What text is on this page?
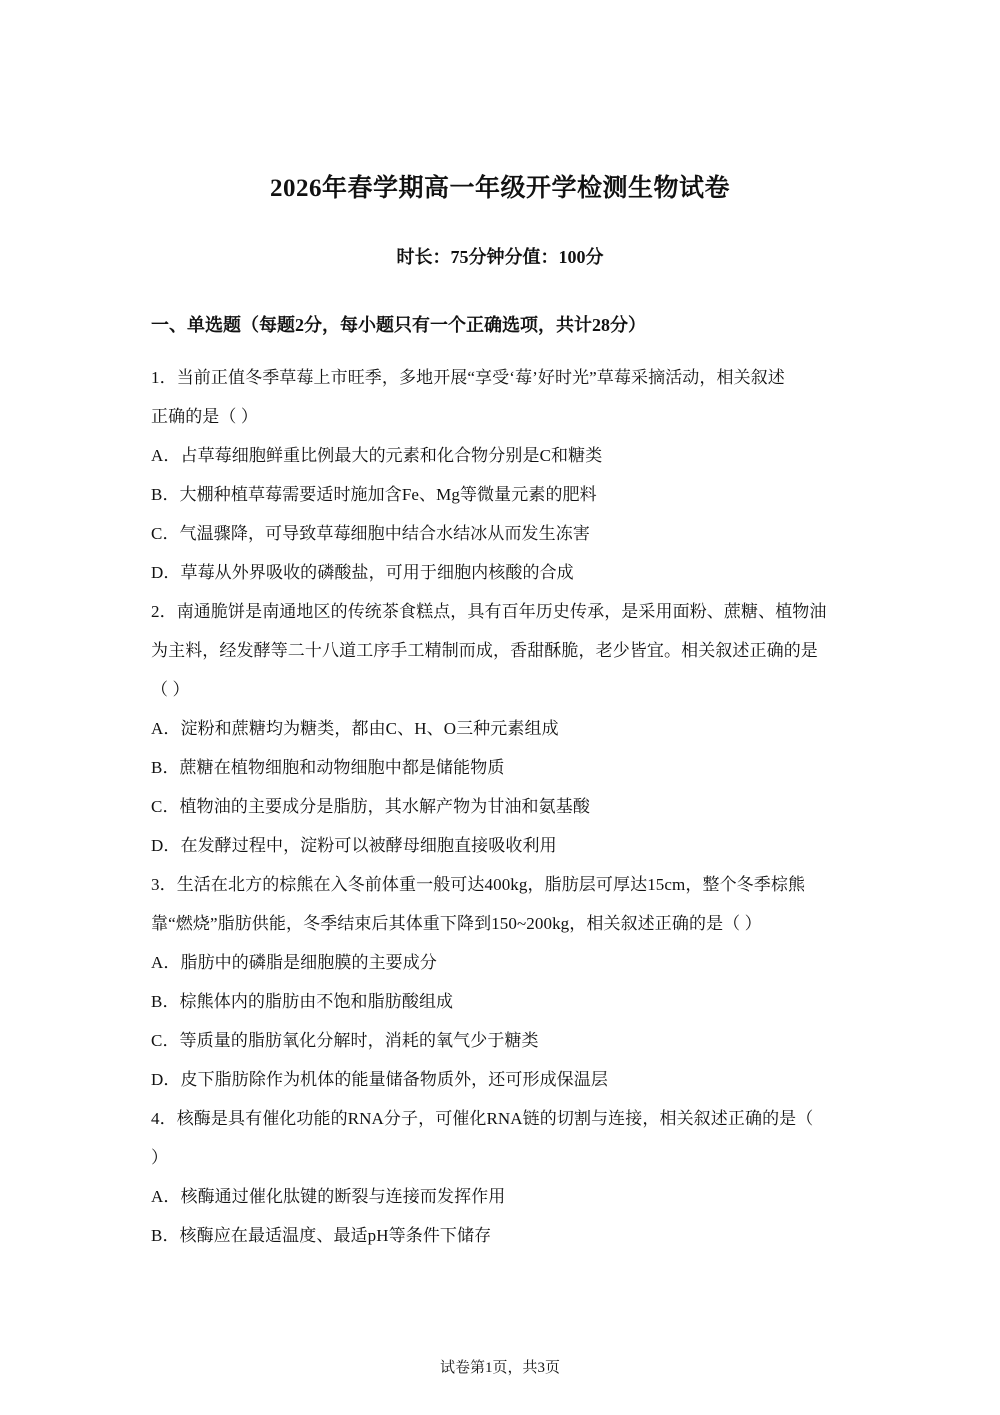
2026年春学期高一年级开学检测生物试卷
时长：75分钟分值：100分
一、单选题（每题2分，每小题只有一个正确选项，共计28分）
1．当前正值冬季草莓上市旺季，多地开展“享受‘莓’好时光”草莓采摘活动，相关叙述
正确的是（ ）
A．占草莓细胞鲜重比例最大的元素和化合物分别是C和糖类
B．大棚种植草莓需要适时施加含Fe、Mg等微量元素的肥料
C．气温骤降，可导致草莓细胞中结合水结冰从而发生冻害
D．草莓从外界吸收的磷酸盐，可用于细胞内核酸的合成
2．南通脆饼是南通地区的传统茶食糕点，具有百年历史传承，是采用面粉、蔗糖、植物油
为主料，经发酵等二十八道工序手工精制而成，香甜酥脆，老少皆宜。相关叙述正确的是
（ ）
A．淀粉和蔗糖均为糖类，都由C、H、O三种元素组成
B．蔗糖在植物细胞和动物细胞中都是储能物质
C．植物油的主要成分是脂肪，其水解产物为甘油和氨基酸
D．在发酵过程中，淀粉可以被酵母细胞直接吸收利用
3．生活在北方的棕熊在入冬前体重一般可达400kg，脂肪层可厚达15cm，整个冬季棕熊
靠“燃烧”脂肪供能，冬季结束后其体重下降到150~200kg，相关叙述正确的是（ ）
A．脂肪中的磷脂是细胞膜的主要成分
B．棕熊体内的脂肪由不饱和脂肪酸组成
C．等质量的脂肪氧化分解时，消耗的氧气少于糖类
D．皮下脂肪除作为机体的能量储备物质外，还可形成保温层
4．核酶是具有催化功能的RNA分子，可催化RNA链的切割与连接，相关叙述正确的是（
）
A．核酶通过催化肽键的断裂与连接而发挥作用
B．核酶应在最适温度、最适pH等条件下储存
试卷第1页，共3页
